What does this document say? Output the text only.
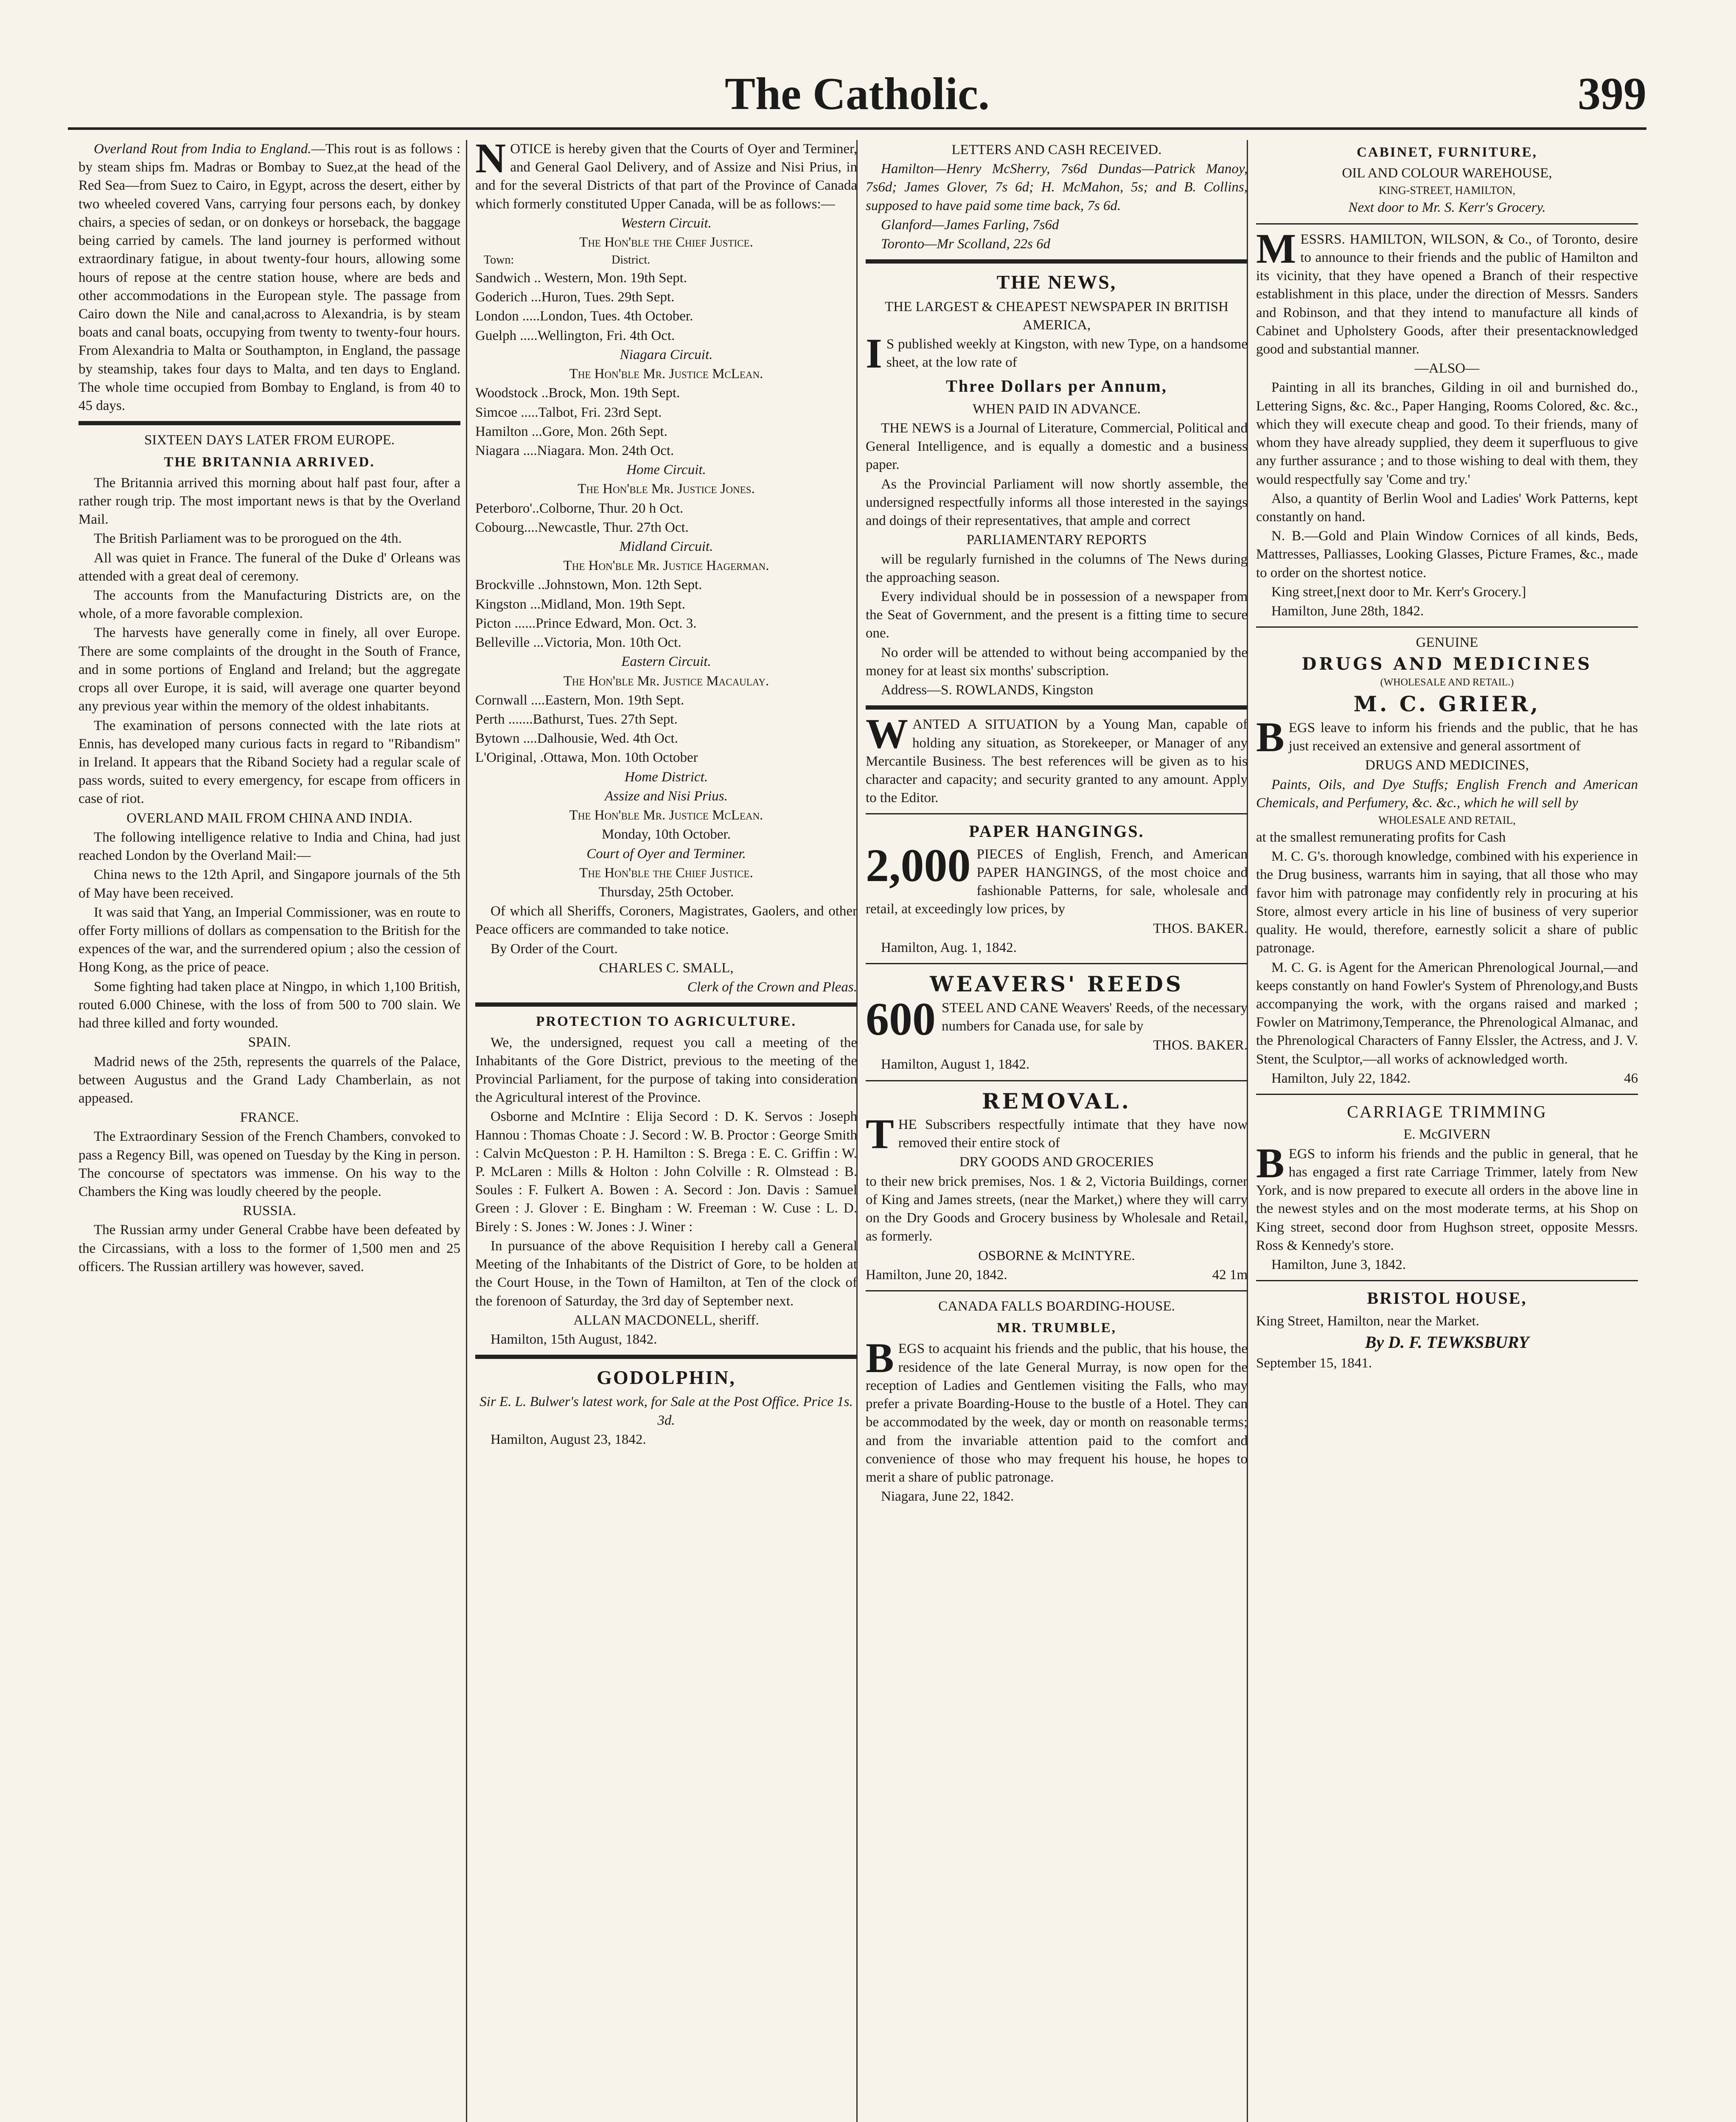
The Catholic.	399

Overland Rout from India to England.—This rout is as follows : by steam ships fm. Madras or Bombay to Suez,at the head of the Red Sea—from Suez to Cairo, in Egypt, across the desert, either by two wheeled covered Vans, carrying four persons each, by donkey chairs, a species of sedan, or on donkeys or horseback, the baggage being carried by camels. The land journey is performed without extraordinary fatigue, in about twenty-four hours, allowing some hours of repose at the centre station house, where are beds and other accommodations in the European style. The passage from Cairo down the Nile and canal,across to Alexandria, is by steam boats and canal boats, occupying from twenty to twenty-four hours. From Alexandria to Malta or Southampton, in England, the passage by steamship, takes four days to Malta, and ten days to England. The whole time occupied from Bombay to England, is from 40 to 45 days.

SIXTEEN DAYS LATER FROM EUROPE.

THE BRITANNIA ARRIVED.

The Britannia arrived this morning about half past four, after a rather rough trip. The most important news is that by the Overland Mail.

The British Parliament was to be prorogued on the 4th.

All was quiet in France. The funeral of the Duke d' Orleans was attended with a great deal of ceremony.

The accounts from the Manufacturing Districts are, on the whole, of a more favorable complexion.

The harvests have generally come in finely, all over Europe. There are some complaints of the drought in the South of France, and in some portions of England and Ireland; but the aggregate crops all over Europe, it is said, will average one quarter beyond any previous year within the memory of the oldest inhabitants.

The examination of persons connected with the late riots at Ennis, has developed many curious facts in regard to "Ribandism" in Ireland. It appears that the Riband Society had a regular scale of pass words, suited to every emergency, for escape from officers in case of riot.

OVERLAND MAIL FROM CHINA AND INDIA.

The following intelligence relative to India and China, had just reached London by the Overland Mail:—

China news to the 12th April, and Singapore journals of the 5th of May have been received.

It was said that Yang, an Imperial Commissioner, was en route to offer Forty millions of dollars as compensation to the British for the expences of the war, and the surrendered opium ; also the cession of Hong Kong, as the price of peace.

Some fighting had taken place at Ningpo, in which 1,100 British, routed 6.000 Chinese, with the loss of from 500 to 700 slain. We had three killed and forty wounded.

SPAIN.

Madrid news of the 25th, represents the quarrels of the Palace, between Augustus and the Grand Lady Chamberlain, as not appeased.

FRANCE.

The Extraordinary Session of the French Chambers, convoked to pass a Regency Bill, was opened on Tuesday by the King in person. The concourse of spectators was immense. On his way to the Chambers the King was loudly cheered by the people.

RUSSIA.

The Russian army under General Crabbe have been defeated by the Circassians, with a loss to the former of 1,500 men and 25 officers. The Russian artillery was however, saved.

NOTICE is hereby given that the Courts of Oyer and Terminer, and General Gaol Delivery, and of Assize and Nisi Prius, in and for the several Districts of that part of the Province of Canada which formerly constituted Upper Canada, will be as follows:—

Western Circuit.

The Hon'ble the Chief Justice.

Town:	District.

Sandwich .. Western, Mon. 19th Sept.

Goderich ...Huron, Tues. 29th Sept.

London .....London, Tues. 4th October.

Guelph .....Wellington, Fri. 4th Oct.

Niagara Circuit.

The Hon'ble Mr. Justice McLean.

Woodstock ..Brock, Mon. 19th Sept.

Simcoe .....Talbot, Fri. 23rd Sept.

Hamilton ...Gore, Mon. 26th Sept.

Niagara ....Niagara. Mon. 24th Oct.

Home Circuit.

The Hon'ble Mr. Justice Jones.

Peterboro'..Colborne, Thur. 20 h Oct.

Cobourg....Newcastle, Thur. 27th Oct.

Midland Circuit.

The Hon'ble Mr. Justice Hagerman.

Brockville ..Johnstown, Mon. 12th Sept.

Kingston ...Midland, Mon. 19th Sept.

Picton ......Prince Edward, Mon. Oct. 3.

Belleville ...Victoria, Mon. 10th Oct.

Eastern Circuit.

The Hon'ble Mr. Justice Macaulay.

Cornwall ....Eastern, Mon. 19th Sept.

Perth .......Bathurst, Tues. 27th Sept.

Bytown ....Dalhousie, Wed. 4th Oct.

L'Original, .Ottawa, Mon. 10th October

Home District.

Assize and Nisi Prius.

The Hon'ble Mr. Justice McLean.

Monday, 10th October.

Court of Oyer and Terminer.

The Hon'ble the Chief Justice.

Thursday, 25th October.

Of which all Sheriffs, Coroners, Magistrates, Gaolers, and other Peace officers are commanded to take notice.

By Order of the Court.

CHARLES C. SMALL,

Clerk of the Crown and Pleas.

PROTECTION TO AGRICULTURE.

We, the undersigned, request you call a meeting of the Inhabitants of the Gore District, previous to the meeting of the Provincial Parliament, for the purpose of taking into consideration the Agricultural interest of the Province.

Osborne and McIntire : Elija Secord : D. K. Servos : Joseph Hannou : Thomas Choate : J. Secord : W. B. Proctor : George Smith : Calvin McQueston : P. H. Hamilton : S. Brega : E. C. Griffin : W. P. McLaren : Mills & Holton : John Colville : R. Olmstead : B. Soules : F. Fulkert A. Bowen : A. Secord : Jon. Davis : Samuel Green : J. Glover : E. Bingham : W. Freeman : W. Cuse : L. D. Birely : S. Jones : W. Jones : J. Winer :

In pursuance of the above Requisition I hereby call a General Meeting of the Inhabitants of the District of Gore, to be holden at the Court House, in the Town of Hamilton, at Ten of the clock of the forenoon of Saturday, the 3rd day of September next.

ALLAN MACDONELL, sheriff.

Hamilton, 15th August, 1842.

GODOLPHIN,

Sir E. L. Bulwer's latest work, for Sale at the Post Office. Price 1s. 3d.

Hamilton, August 23, 1842.

LETTERS AND CASH RECEIVED.

Hamilton—Henry McSherry, 7s6d Dundas—Patrick Manoy, 7s6d; James Glover, 7s 6d; H. McMahon, 5s; and B. Collins, supposed to have paid some time back, 7s 6d.

Glanford—James Farling, 7s6d

Toronto—Mr Scolland, 22s 6d

THE NEWS,

THE LARGEST & CHEAPEST NEWSPAPER IN BRITISH AMERICA,

I S published weekly at Kingston, with new Type, on a handsome sheet, at the low rate of

Three Dollars per Annum,

WHEN PAID IN ADVANCE.

THE NEWS is a Journal of Literature, Commercial, Political and General Intelligence, and is equally a domestic and a business paper.

As the Provincial Parliament will now shortly assemble, the undersigned respectfully informs all those interested in the sayings and doings of their representatives, that ample and correct

PARLIAMENTARY REPORTS

will be regularly furnished in the columns of The News during the approaching season.

Every individual should be in possession of a newspaper from the Seat of Government, and the present is a fitting time to secure one.

No order will be attended to without being accompanied by the money for at least six months' subscription.

Address—S. ROWLANDS, Kingston

WANTED A SITUATION by a Young Man, capable of holding any situation, as Storekeeper, or Manager of any Mercantile Business. The best references will be given as to his character and capacity; and security granted to any amount. Apply to the Editor.

PAPER HANGINGS.

2,000 PIECES of English, French, and American PAPER HANGINGS, of the most choice and fashionable Patterns, for sale, wholesale and retail, at exceedingly low prices, by

THOS. BAKER.

Hamilton, Aug. 1, 1842.

WEAVERS' REEDS

600 STEEL AND CANE Weavers' Reeds, of the necessary numbers for Canada use, for sale by

THOS. BAKER.

Hamilton, August 1, 1842.

REMOVAL.

THE Subscribers respectfully intimate that they have now removed their entire stock of

DRY GOODS AND GROCERIES

to their new brick premises, Nos. 1 & 2, Victoria Buildings, corner of King and James streets, (near the Market,) where they will carry on the Dry Goods and Grocery business by Wholesale and Retail, as formerly.

OSBORNE & McINTYRE.

Hamilton, June 20, 1842.	42 1m

CANADA FALLS BOARDING-HOUSE.

MR. TRUMBLE,

BEGS to acquaint his friends and the public, that his house, the residence of the late General Murray, is now open for the reception of Ladies and Gentlemen visiting the Falls, who may prefer a private Boarding-House to the bustle of a Hotel. They can be accommodated by the week, day or month on reasonable terms; and from the invariable attention paid to the comfort and convenience of those who may frequent his house, he hopes to merit a share of public patronage.

Niagara, June 22, 1842.

CABINET, FURNITURE,

OIL AND COLOUR WAREHOUSE,

KING-STREET, HAMILTON,

Next door to Mr. S. Kerr's Grocery.

MESSRS. HAMILTON, WILSON, & Co., of Toronto, desire to announce to their friends and the public of Hamilton and its vicinity, that they have opened a Branch of their respective establishment in this place, under the direction of Messrs. Sanders and Robinson, and that they intend to manufacture all kinds of Cabinet and Upholstery Goods, after their presentacknowledged good and substantial manner.

—ALSO—

Painting in all its branches, Gilding in oil and burnished do., Lettering Signs, &c. &c., Paper Hanging, Rooms Colored, &c. &c., which they will execute cheap and good. To their friends, many of whom they have already supplied, they deem it superfluous to give any further assurance ; and to those wishing to deal with them, they would respectfully say 'Come and try.'

Also, a quantity of Berlin Wool and Ladies' Work Patterns, kept constantly on hand.

N. B.—Gold and Plain Window Cornices of all kinds, Beds, Mattresses, Palliasses, Looking Glasses, Picture Frames, &c., made to order on the shortest notice.

King street,[next door to Mr. Kerr's Grocery.]

Hamilton, June 28th, 1842.

GENUINE

DRUGS AND MEDICINES

(WHOLESALE AND RETAIL.)

M. C. GRIER,

BEGS leave to inform his friends and the public, that he has just received an extensive and general assortment of

DRUGS AND MEDICINES,

Paints, Oils, and Dye Stuffs; English French and American Chemicals, and Perfumery, &c. &c., which he will sell by

WHOLESALE AND RETAIL,

at the smallest remunerating profits for Cash

M. C. G's. thorough knowledge, combined with his experience in the Drug business, warrants him in saying, that all those who may favor him with patronage may confidently rely in procuring at his Store, almost every article in his line of business of very superior quality. He would, therefore, earnestly solicit a share of public patronage.

M. C. G. is Agent for the American Phrenological Journal,—and keeps constantly on hand Fowler's System of Phrenology,and Busts accompanying the work, with the organs raised and marked ; Fowler on Matrimony,Temperance, the Phrenological Almanac, and the Phrenological Characters of Fanny Elssler, the Actress, and J. V. Stent, the Sculptor,—all works of acknowledged worth.

Hamilton, July 22, 1842.	46

CARRIAGE TRIMMING

E. McGIVERN

BEGS to inform his friends and the public in general, that he has engaged a first rate Carriage Trimmer, lately from New York, and is now prepared to execute all orders in the above line in the newest styles and on the most moderate terms, at his Shop on King street, second door from Hughson street, opposite Messrs. Ross & Kennedy's store.

Hamilton, June 3, 1842.

BRISTOL HOUSE,

King Street, Hamilton, near the Market.

By D. F. TEWKSBURY

September 15, 1841.
